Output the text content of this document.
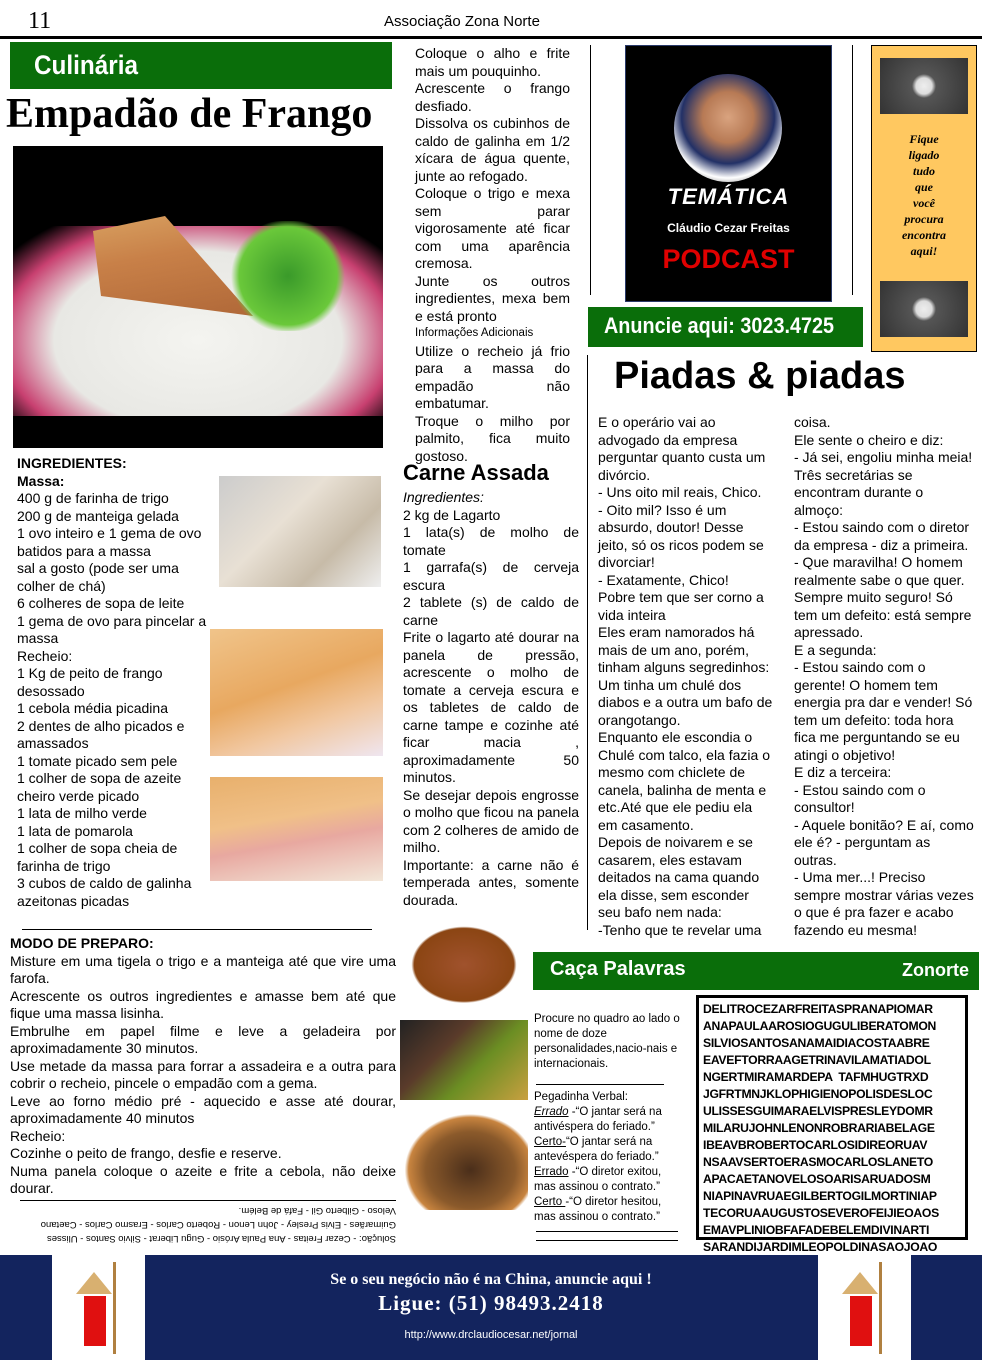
11	Associação Zona Norte
Culinária
Empadão de Frango
Coloque o alho e frite mais um pouquinho.
Acrescente o frango desfiado.
Dissolva os cubinhos de caldo de galinha em 1/2 xícara de água quente, junte ao refogado.
Coloque o trigo e mexa sem parar vigorosamente até ficar com uma aparência cremosa.
Junte os outros ingredientes, mexa bem e está pronto
Informações Adicionais
Utilize o recheio já frio para a massa do empadão não embatumar.
Troque o milho por palmito, fica muito gostoso.
TEMÁTICA
Cláudio Cezar Freitas
PODCAST
Anuncie aqui: 3023.4725
Fique
ligado
tudo
que
você
procura
encontra
aqui!
Piadas & piadas
E o operário vai ao advogado da empresa perguntar quanto custa um divórcio.
- Uns oito mil reais, Chico.
- Oito mil? Isso é um absurdo, doutor! Desse jeito, só os ricos podem se divorciar!
- Exatamente, Chico!
Pobre tem que ser corno a vida inteira
Eles eram namorados há mais de um ano, porém, tinham alguns segredinhos:
Um tinha um chulé dos diabos e a outra um bafo de orangotango.
Enquanto ele escondia o Chulé com talco, ela fazia o mesmo com chiclete de canela, balinha de menta e etc.Até que ele pediu ela em casamento.
Depois de noivarem e se casarem, eles estavam deitados na cama quando ela disse, sem esconder seu bafo nem nada:
-Tenho que te revelar uma
coisa.
Ele sente o cheiro e diz:
- Já sei, engoliu minha meia!
Três secretárias se encontram durante o almoço:
- Estou saindo com o diretor da empresa - diz a primeira. - Que maravilha! O homem realmente sabe o que quer. Sempre muito seguro! Só tem um defeito: está sempre apressado.
E a segunda:
- Estou saindo com o gerente! O homem tem energia pra dar e vender! Só tem um defeito: toda hora fica me perguntando se eu atingi o objetivo!
E diz a terceira:
- Estou saindo com o consultor!
- Aquele bonitão? E aí, como ele é? - perguntam as outras.
- Uma mer...! Preciso sempre mostrar várias vezes o que é pra fazer e acabo fazendo eu mesma!
INGREDIENTES:
Massa:
400 g de farinha de trigo
200 g de manteiga gelada
1 ovo inteiro e 1 gema de ovo batidos para a massa
sal a gosto (pode ser uma colher de chá)
6 colheres de sopa de leite
1 gema de ovo para pincelar a massa
Recheio:
1 Kg de peito de frango desossado
1 cebola média picadina
2 dentes de alho picados e amassados
1 tomate picado sem pele
1 colher de sopa de azeite
cheiro verde picado
1 lata de milho verde
1 lata de pomarola
1 colher de sopa cheia de farinha de trigo
3 cubos de caldo de galinha
azeitonas picadas
Carne Assada
Ingredientes:
2 kg de Lagarto
1 lata(s) de molho de tomate
1 garrafa(s) de cerveja escura
2 tablete (s) de caldo de carne
Frite o lagarto até dourar na panela de pressão, acrescente o molho de tomate a cerveja escura e os tabletes de caldo de carne tampe e cozinhe até ficar macia , aproximadamente 50 minutos.
Se desejar depois engrosse o molho que ficou na panela com 2 colheres de amido de milho.
Importante: a carne não é temperada antes, somente dourada.
MODO DE PREPARO:
Misture em uma tigela o trigo e a manteiga até que vire uma farofa.
Acrescente os outros ingredientes e amasse bem até que fique uma massa lisinha.
Embrulhe em papel filme e leve a geladeira por aproximadamente 30 minutos.
Use metade da massa para forrar a assadeira e a outra para cobrir o recheio, pincele o empadão com a gema.
Leve ao forno médio pré - aquecido e asse até dourar, aproximadamente 40 minutos
Recheio:
Cozinhe o peito de frango, desfie e reserve.
Numa panela coloque o azeite e frite a cebola, não deixe dourar.
Solução: - Cezar Freitas - Ana Paula Arósio - Gugu Liberat - Silvio Santos - Ulisses Guimarães - Elvis Presley - John Lenon - Roberto Carlos - Erasmo Carlos - Caetano Veloso - Gilberto Gil - Fafá de Belém.
Caça Palavras	Zonorte
Procure no quadro ao lado o nome de doze personalidades,nacio-nais e internacionais.
Pegadinha Verbal:
Errado -“O jantar será na antivéspera do feriado.”
Certo-“O jantar será na antevéspera do feriado.”
Errado -“O diretor exitou, mas assinou o contrato.”
Certo -“O diretor hesitou, mas assinou o contrato.”
DELITROCEZARFREITASPRANAPIOMAR
ANAPAULAAROSIOGUGULIBERATOMON
SILVIOSANTOSANAMAIDIACOSTAABRE
EAVEFTORRAAGETRINAVILAMATIADOL
NGERTMIRAMARDEPA  TAFMHUGTRXD
JGFRTMNJKLOPHIGIENOPOLISDESLOC
ULISSESGUIMARAELVISPRESLEYDOMR
MILARUJOHNLENONROBRARIABELAGE
IBEAVBROBERTOCARLOSIDIREORUAV
NSAAVSERTOERASMOCARLOSLANETO
APACAETANOVELOSOARISARUADOSM
NIAPINAVRUAEGILBERTOGILMORTINIAP
TECORUAAUGUSTOSEVEROFEIJIEOAOS
EMAVPLINIOBFAFADEBELEMDIVINARTI
SARANDIJARDIMLEOPOLDINASAOJOAO
Se o seu negócio não é na China, anuncie aqui !
Ligue: (51) 98493.2418
http://www.drclaudiocesar.net/jornal
